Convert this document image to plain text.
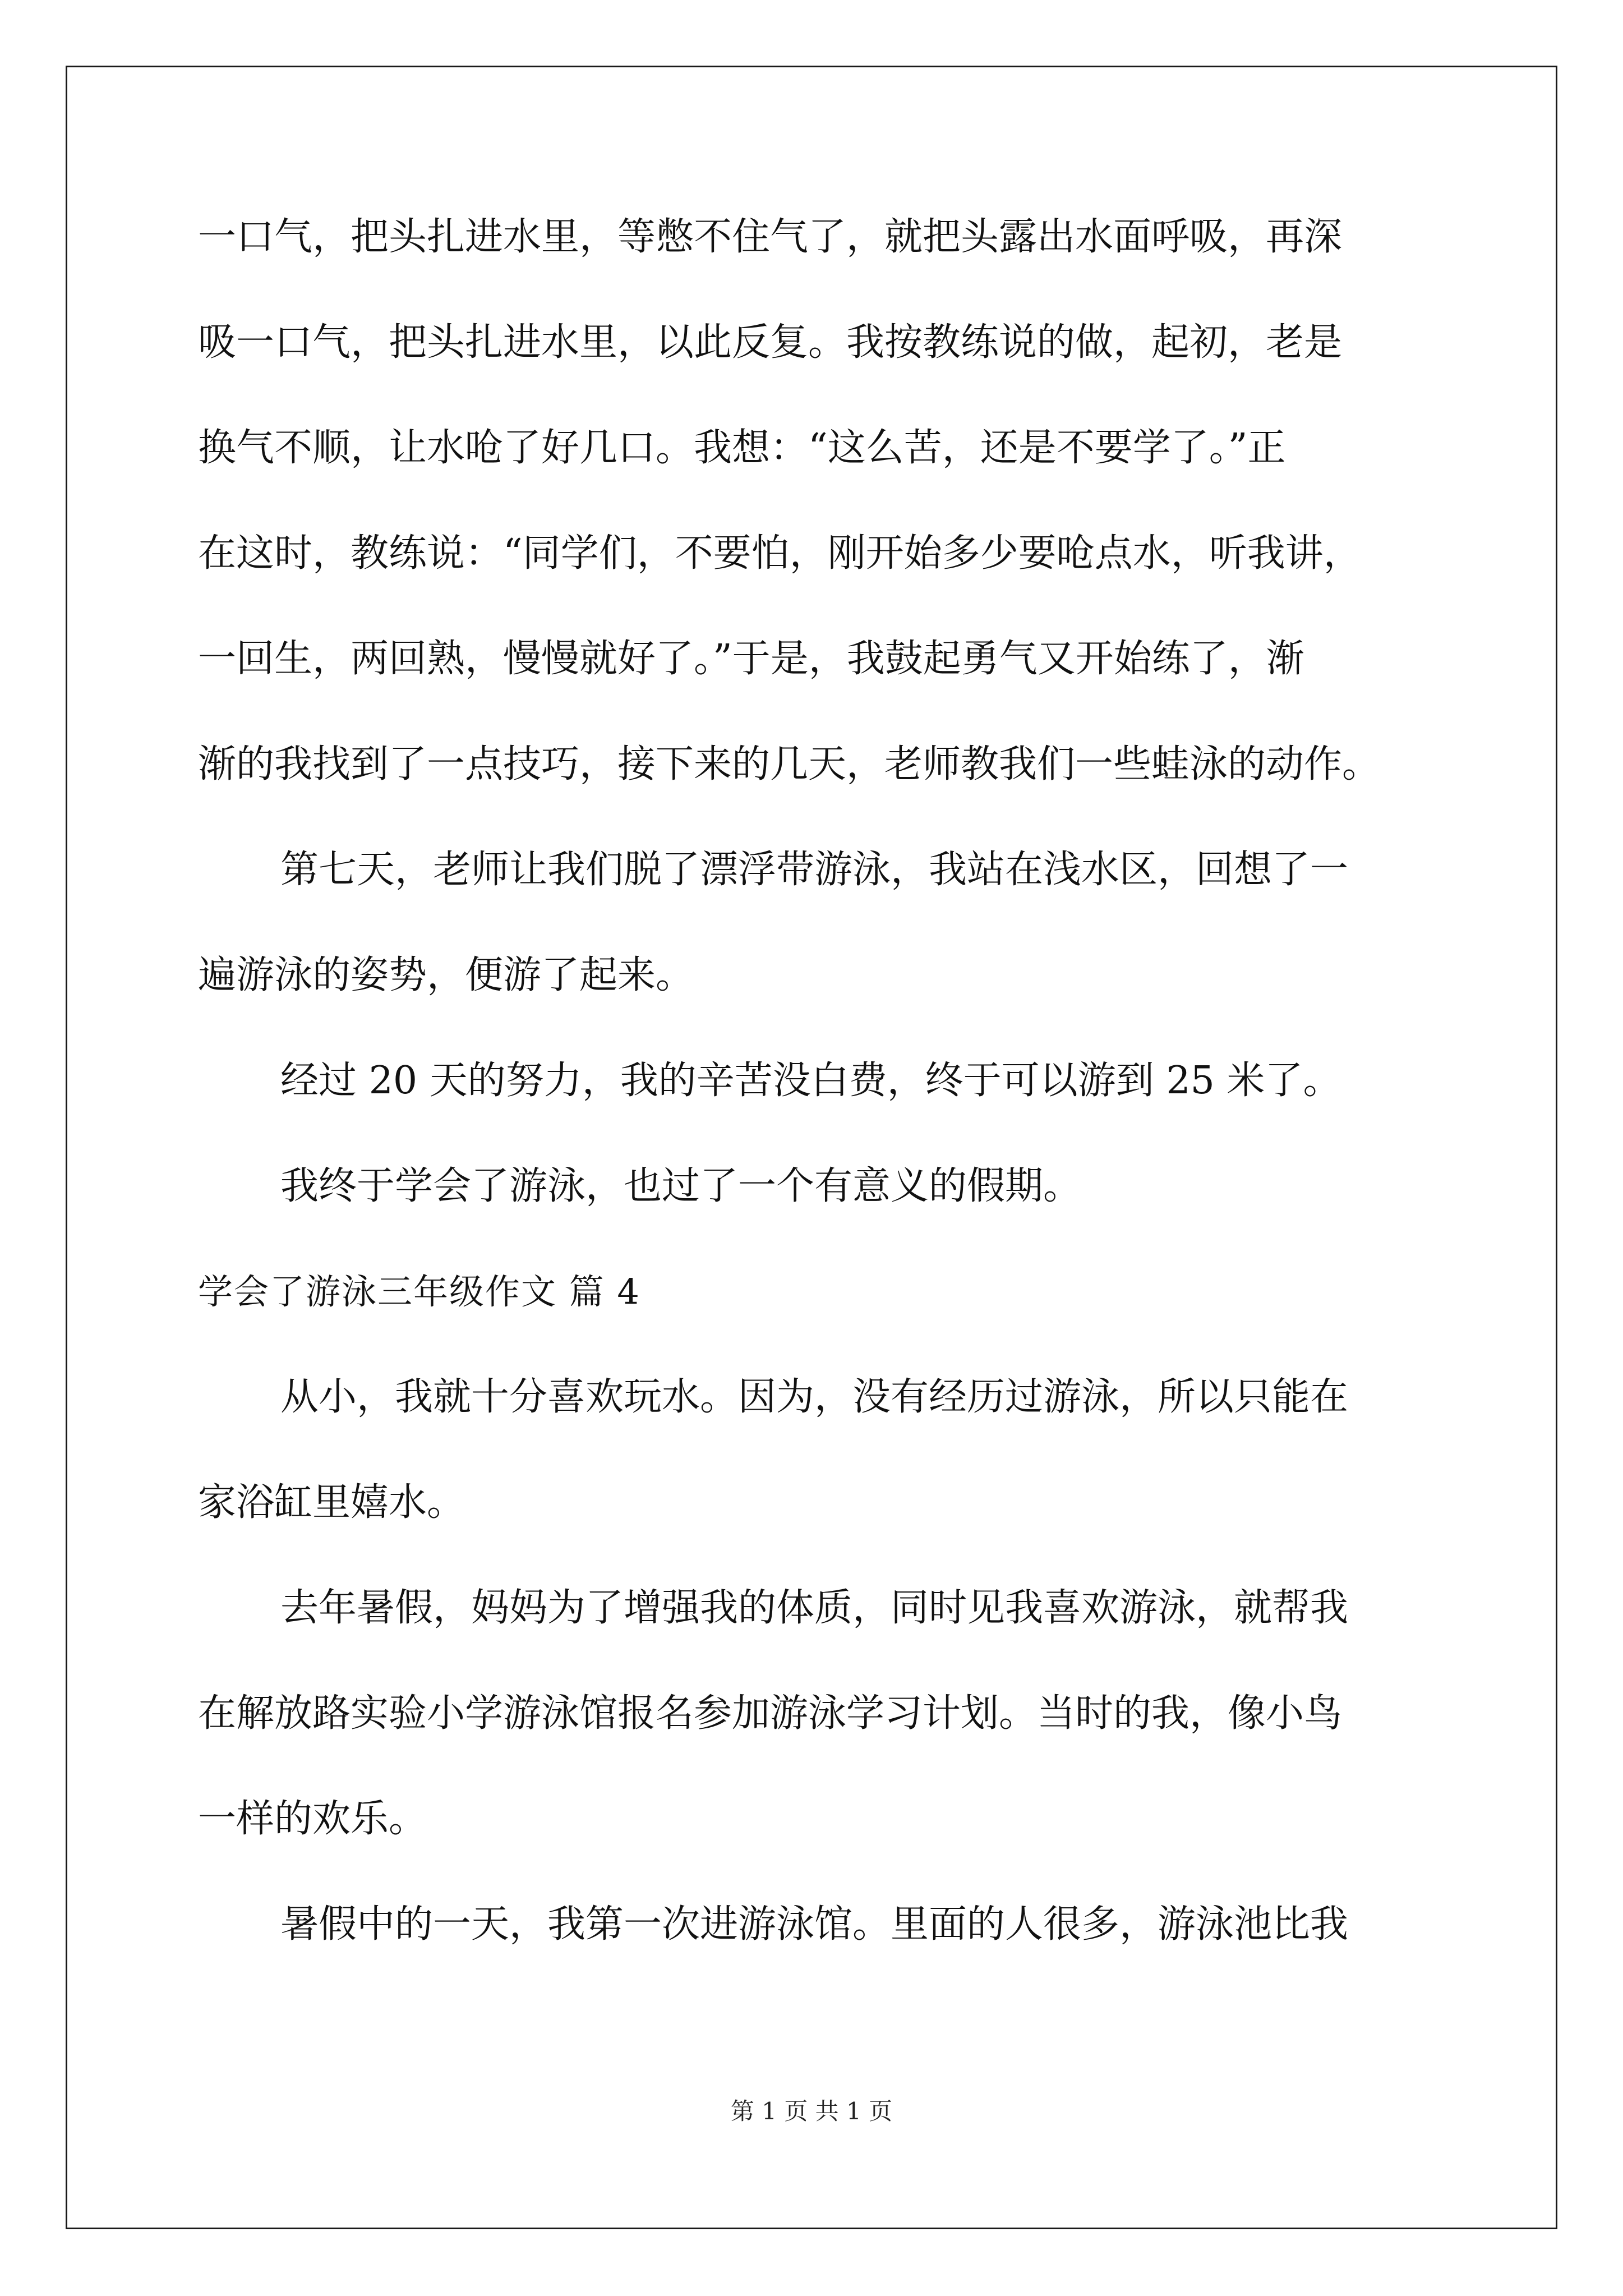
一口气，把头扎进水里，等憋不住气了，就把头露出水面呼吸，再深
吸一口气，把头扎进水里，以此反复。我按教练说的做，起初，老是
换气不顺，让水呛了好几口。我想：“这么苦，还是不要学了。”正
在这时，教练说：“同学们，不要怕，刚开始多少要呛点水，听我讲，
一回生，两回熟，慢慢就好了。”于是，我鼓起勇气又开始练了，渐
渐的我找到了一点技巧，接下来的几天，老师教我们一些蛙泳的动作。
第七天，老师让我们脱了漂浮带游泳，我站在浅水区，回想了一
遍游泳的姿势，便游了起来。
经过 20 天的努力，我的辛苦没白费，终于可以游到 25 米了。
我终于学会了游泳，也过了一个有意义的假期。
学会了游泳三年级作文 篇 4
从小，我就十分喜欢玩水。因为，没有经历过游泳，所以只能在
家浴缸里嬉水。
去年暑假，妈妈为了增强我的体质，同时见我喜欢游泳，就帮我
在解放路实验小学游泳馆报名参加游泳学习计划。当时的我，像小鸟
一样的欢乐。
暑假中的一天，我第一次进游泳馆。里面的人很多，游泳池比我
第 1 页 共 1 页
